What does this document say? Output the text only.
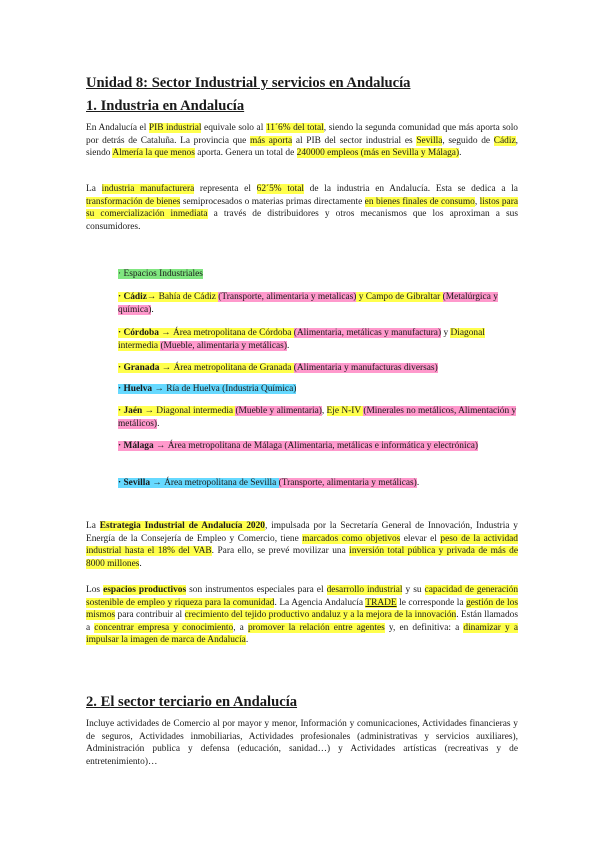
Unidad 8: Sector Industrial y servicios en Andalucía
1. Industria en Andalucía

En Andalucía el PIB industrial equivale solo al 11´6% del total, siendo la segunda comunidad que más aporta solo por detrás de Cataluña. La provincia que más aporta al PIB del sector industrial es Sevilla, seguido de Cádiz, siendo Almería la que menos aporta. Genera un total de 240000 empleos (más en Sevilla y Málaga).

La industria manufacturera representa el 62´5% total de la industria en Andalucía. Esta se dedica a la transformación de bienes semiprocesados o materias primas directamente en bienes finales de consumo, listos para su comercialización inmediata a través de distribuidores y otros mecanismos que los aproximan a sus consumidores.

· Espacios Industriales

· Cádiz→ Bahía de Cádiz (Transporte, alimentaria y metalicas) y Campo de Gibraltar (Metalúrgica y química).

· Córdoba → Área metropolitana de Córdoba (Alimentaria, metálicas y manufactura) y Diagonal intermedia (Mueble, alimentaria y metálicas).

· Granada → Área metropolitana de Granada (Alimentaria y manufacturas diversas)

· Huelva → Ría de Huelva (Industria Química)

· Jaén → Diagonal intermedia (Mueble y alimentaria), Eje N-IV (Minerales no metálicos, Alimentación y metálicos).

· Málaga → Área metropolitana de Málaga (Alimentaria, metálicas e informática y electrónica)

· Sevilla → Área metropolitana de Sevilla (Transporte, alimentaria y metálicas).

La Estrategia Industrial de Andalucía 2020, impulsada por la Secretaría General de Innovación, Industria y Energía de la Consejería de Empleo y Comercio, tiene marcados como objetivos elevar el peso de la actividad industrial hasta el 18% del VAB. Para ello, se prevé movilizar una inversión total pública y privada de más de 8000 millones.

Los espacios productivos son instrumentos especiales para el desarrollo industrial y su capacidad de generación sostenible de empleo y riqueza para la comunidad. La Agencia Andalucía TRADE le corresponde la gestión de los mismos para contribuir al crecimiento del tejido productivo andaluz y a la mejora de la innovación. Están llamados a concentrar empresa y conocimiento, a promover la relación entre agentes y, en definitiva: a dinamizar y a impulsar la imagen de marca de Andalucía.

2. El sector terciario en Andalucía

Incluye actividades de Comercio al por mayor y menor, Información y comunicaciones, Actividades financieras y de seguros, Actividades inmobiliarias, Actividades profesionales (administrativas y servicios auxiliares), Administración publica y defensa (educación, sanidad…) y Actividades artísticas (recreativas y de entretenimiento)…
